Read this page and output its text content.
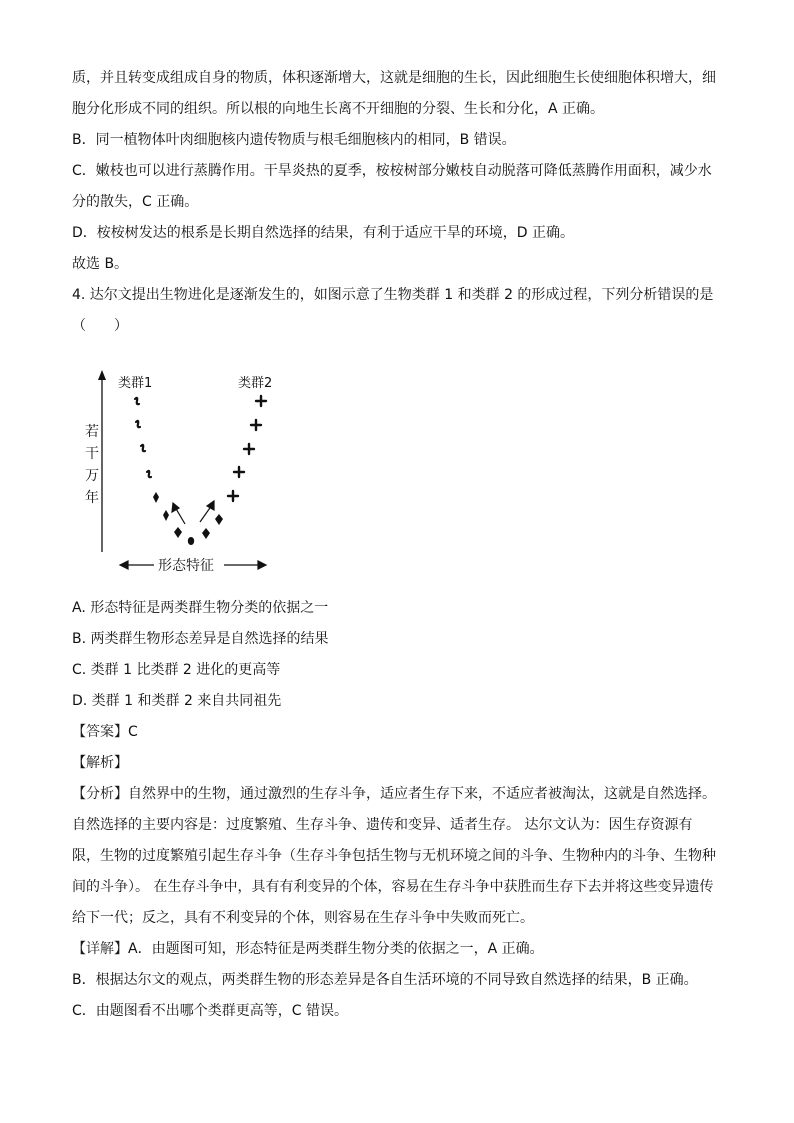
质，并且转变成组成自身的物质，体积逐渐增大，这就是细胞的生长，因此细胞生长使细胞体积增大，细
胞分化形成不同的组织。所以根的向地生长离不开细胞的分裂、生长和分化，A 正确。
B．同一植物体叶肉细胞核内遗传物质与根毛细胞核内的相同，B 错误。
C．嫩枝也可以进行蒸腾作用。干旱炎热的夏季，桉桉树部分嫩枝自动脱落可降低蒸腾作用面积，减少水
分的散失，C 正确。
D．桉桉树发达的根系是长期自然选择的结果，有利于适应干旱的环境，D 正确。
故选 B。
4. 达尔文提出生物进化是逐渐发生的，如图示意了生物类群 1 和类群 2 的形成过程，下列分析错误的是
（　　）
若
干
万
年
类群1	类群2
形态特征
A. 形态特征是两类群生物分类的依据之一
B. 两类群生物形态差异是自然选择的结果
C. 类群 1 比类群 2 进化的更高等
D. 类群 1 和类群 2 来自共同祖先
【答案】C
【解析】
【分析】自然界中的生物，通过激烈的生存斗争，适应者生存下来，不适应者被淘汰，这就是自然选择。
自然选择的主要内容是：过度繁殖、生存斗争、遗传和变异、适者生存。 达尔文认为：因生存资源有
限，生物的过度繁殖引起生存斗争（生存斗争包括生物与无机环境之间的斗争、生物种内的斗争、生物种
间的斗争）。 在生存斗争中，具有有利变异的个体，容易在生存斗争中获胜而生存下去并将这些变异遗传
给下一代；反之，具有不利变异的个体，则容易在生存斗争中失败而死亡。
【详解】A．由题图可知，形态特征是两类群生物分类的依据之一，A 正确。
B．根据达尔文的观点，两类群生物的形态差异是各自生活环境的不同导致自然选择的结果，B 正确。
C．由题图看不出哪个类群更高等，C 错误。
